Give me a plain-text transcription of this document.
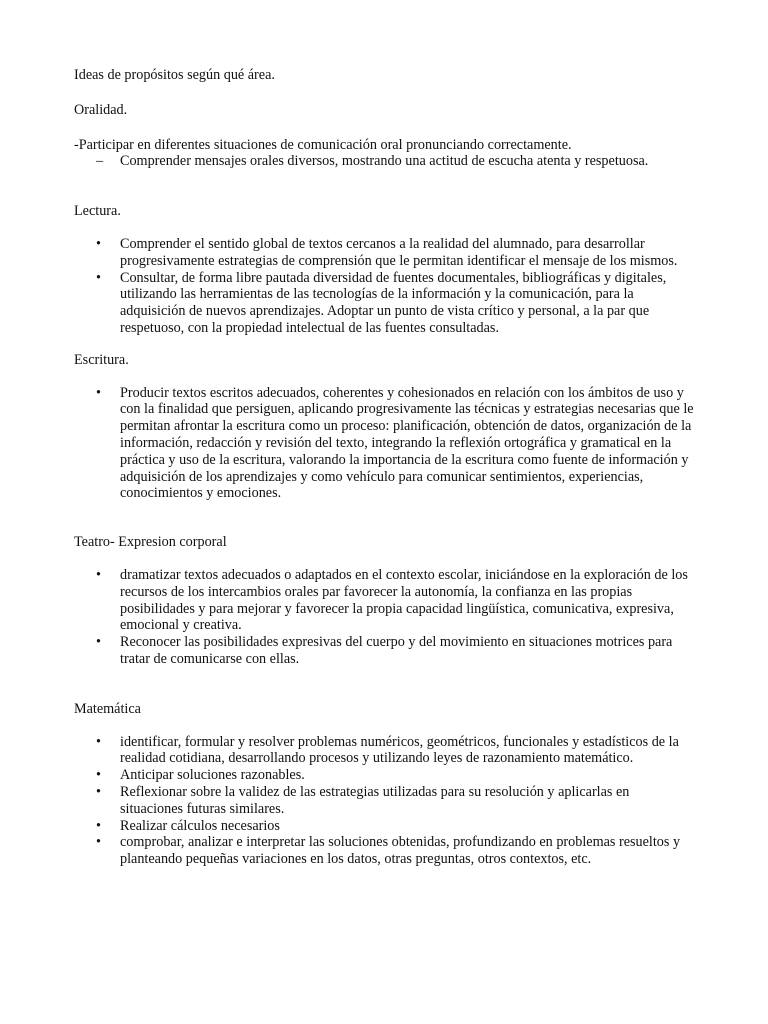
Ideas de propósitos según qué área.

Oralidad.

-Participar en diferentes situaciones de comunicación oral pronunciando correctamente.

– Comprender mensajes orales diversos, mostrando una actitud de escucha atenta y respetuosa.

Lectura.

• Comprender el sentido global de textos cercanos a la realidad del alumnado, para desarrollar progresivamente estrategias de comprensión que le permitan identificar el mensaje de los mismos.
• Consultar, de forma libre pautada diversidad de fuentes documentales, bibliográficas y digitales, utilizando las herramientas de las tecnologías de la información y la comunicación, para la adquisición de nuevos aprendizajes. Adoptar un punto de vista crítico y personal, a la par que respetuoso, con la propiedad intelectual de las fuentes consultadas.

Escritura.

• Producir textos escritos adecuados, coherentes y cohesionados en relación con los ámbitos de uso y con la finalidad que persiguen, aplicando progresivamente las técnicas y estrategias necesarias que le permitan afrontar la escritura como un proceso: planificación, obtención de datos, organización de la información, redacción y revisión del texto, integrando la reflexión ortográfica y gramatical en la práctica y uso de la escritura, valorando la importancia de la escritura como fuente de información y adquisición de los aprendizajes y como vehículo para comunicar sentimientos, experiencias, conocimientos y emociones.

Teatro- Expresion corporal

• dramatizar textos adecuados o adaptados en el contexto escolar, iniciándose en la exploración de los recursos de los intercambios orales par favorecer la autonomía, la confianza en las propias posibilidades y para mejorar y favorecer la propia capacidad lingüística, comunicativa, expresiva, emocional y creativa.
• Reconocer las posibilidades expresivas del cuerpo y del movimiento en situaciones motrices para tratar de comunicarse con ellas.

Matemática

• identificar, formular y resolver problemas numéricos, geométricos, funcionales y estadísticos de la realidad cotidiana, desarrollando procesos y utilizando leyes de razonamiento matemático.
• Anticipar soluciones razonables.
• Reflexionar sobre la validez de las estrategias utilizadas para su resolución y aplicarlas en situaciones futuras similares.
• Realizar cálculos necesarios
• comprobar, analizar e interpretar las soluciones obtenidas, profundizando en problemas resueltos y planteando pequeñas variaciones en los datos, otras preguntas, otros contextos, etc.
